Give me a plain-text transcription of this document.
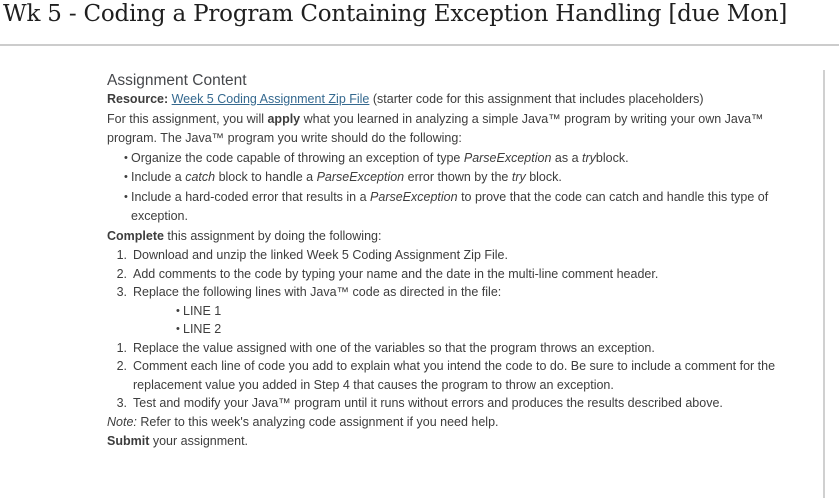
Wk 5 - Coding a Program Containing Exception Handling [due Mon]
Assignment Content

Resource: Week 5 Coding Assignment Zip File (starter code for this assignment that includes placeholders)

For this assignment, you will apply what you learned in analyzing a simple Java™ program by writing your own Java™ program. The Java™ program you write should do the following:

• Organize the code capable of throwing an exception of type ParseException as a tryblock.
• Include a catch block to handle a ParseException error thown by the try block.
• Include a hard-coded error that results in a ParseException to prove that the code can catch and handle this type of exception.

Complete this assignment by doing the following:

Download and unzip the linked Week 5 Coding Assignment Zip File.
Add comments to the code by typing your name and the date in the multi-line comment header.
Replace the following lines with Java™ code as directed in the file:
• LINE 1
• LINE 2
Replace the value assigned with one of the variables so that the program throws an exception.
Comment each line of code you add to explain what you intend the code to do. Be sure to include a comment for the replacement value you added in Step 4 that causes the program to throw an exception.
Test and modify your Java™ program until it runs without errors and produces the results described above.

Note: Refer to this week's analyzing code assignment if you need help.

Submit your assignment.
